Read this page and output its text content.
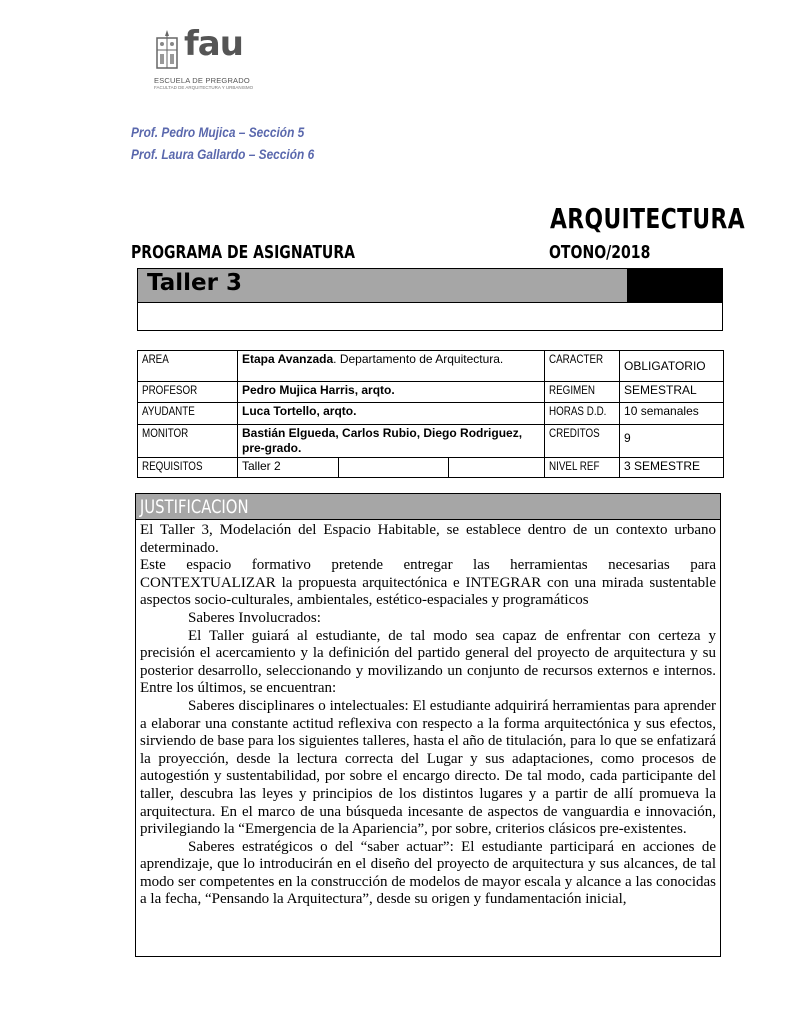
fau
ESCUELA DE PREGRADO
FACULTAD DE ARQUITECTURA Y URBANISMO
Prof. Pedro Mujica – Sección 5
Prof. Laura Gallardo – Sección 6
ARQUITECTURA
PROGRAMA DE ASIGNATURA	OTONO/2018
Taller 3
AREA	Etapa Avanzada. Departamento de Arquitectura.			CARACTER	OBLIGATORIO
PROFESOR	Pedro Mujica Harris, arqto.			REGIMEN	SEMESTRAL
AYUDANTE	Luca Tortello, arqto.			HORAS D.D.	10 semanales
MONITOR	Bastián Elgueda, Carlos Rubio, Diego Rodriguez, pre-grado.			CREDITOS	9
REQUISITOS	Taller 2			NIVEL REF	3 SEMESTRE
JUSTIFICACION

El Taller 3, Modelación del Espacio Habitable, se establece dentro de un contexto urbano determinado.

Este espacio formativo pretende entregar las herramientas necesarias para CONTEXTUALIZAR la propuesta arquitectónica e INTEGRAR con una mirada sustentable aspectos socio-culturales, ambientales, estético-espaciales y programáticos

Saberes Involucrados:

El Taller guiará al estudiante, de tal modo sea capaz de enfrentar con certeza y precisión el acercamiento y la definición del partido general del proyecto de arquitectura y su posterior desarrollo, seleccionando y movilizando un conjunto de recursos externos e internos. Entre los últimos, se encuentran:

Saberes disciplinares o intelectuales: El estudiante adquirirá herramientas para aprender a elaborar una constante actitud reflexiva con respecto a la forma arquitectónica y sus efectos, sirviendo de base para los siguientes talleres, hasta el año de titulación, para lo que se enfatizará la proyección, desde la lectura correcta del Lugar y sus adaptaciones, como procesos de autogestión y sustentabilidad, por sobre el encargo directo. De tal modo, cada participante del taller, descubra las leyes y principios de los distintos lugares y a partir de allí promueva la arquitectura. En el marco de una búsqueda incesante de aspectos de vanguardia e innovación, privilegiando la “Emergencia de la Apariencia”, por sobre, criterios clásicos pre-existentes.

Saberes estratégicos o del “saber actuar”: El estudiante participará en acciones de aprendizaje, que lo introducirán en el diseño del proyecto de arquitectura y sus alcances, de tal modo ser competentes en la construcción de modelos de mayor escala y alcance a las conocidas a la fecha, “Pensando la Arquitectura”, desde su origen y fundamentación inicial,
